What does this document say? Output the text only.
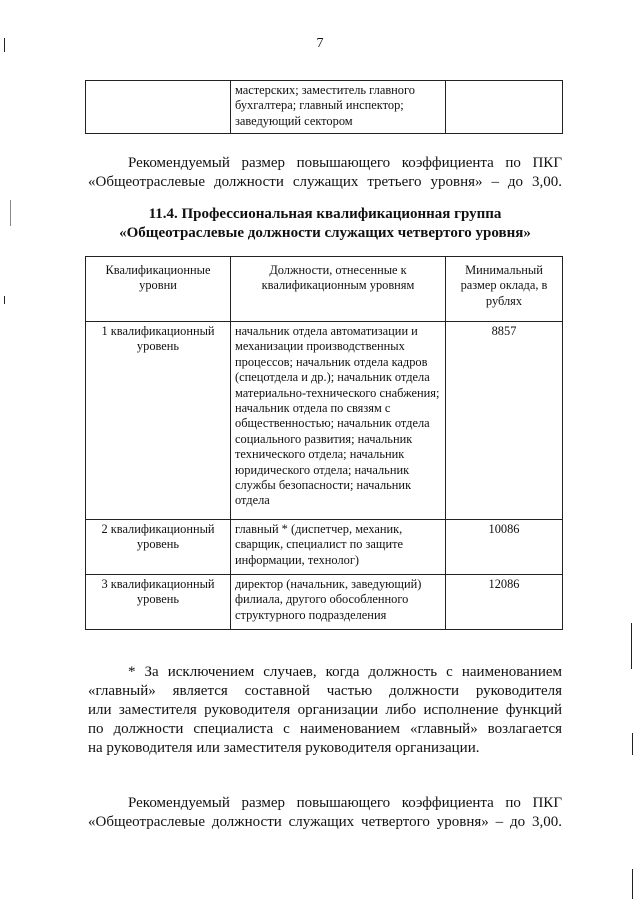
7
	мастерских; заместитель главного бухгалтера; главный инспектор; заведующий сектором	
Рекомендуемый размер повышающего коэффициента по ПКГ
«Общеотраслевые должности служащих третьего уровня» – до 3,00.
11.4. Профессиональная квалификационная группа
«Общеотраслевые должности служащих четвертого уровня»
Квалификационные уровни	Должности, отнесенные к квалификационным уровням	Минимальный размер оклада, в рублях
1 квалификационный уровень	начальник отдела автоматизации и механизации производственных процессов; начальник отдела кадров (спецотдела и др.); начальник отдела материально-технического снабжения; начальник отдела по связям с общественностью; начальник отдела социального развития; начальник технического отдела; начальник юридического отдела; начальник службы безопасности; начальник отдела	8857
2 квалификационный уровень	главный * (диспетчер, механик, сварщик, специалист по защите информации, технолог)	10086
3 квалификационный уровень	директор (начальник, заведующий) филиала, другого обособленного структурного подразделения	12086
* За исключением случаев, когда должность с наименованием
«главный» является составной частью должности руководителя
или заместителя руководителя организации либо исполнение функций
по должности специалиста с наименованием «главный» возлагается
на руководителя или заместителя руководителя организации.
Рекомендуемый размер повышающего коэффициента по ПКГ
«Общеотраслевые должности служащих четвертого уровня» – до 3,00.
